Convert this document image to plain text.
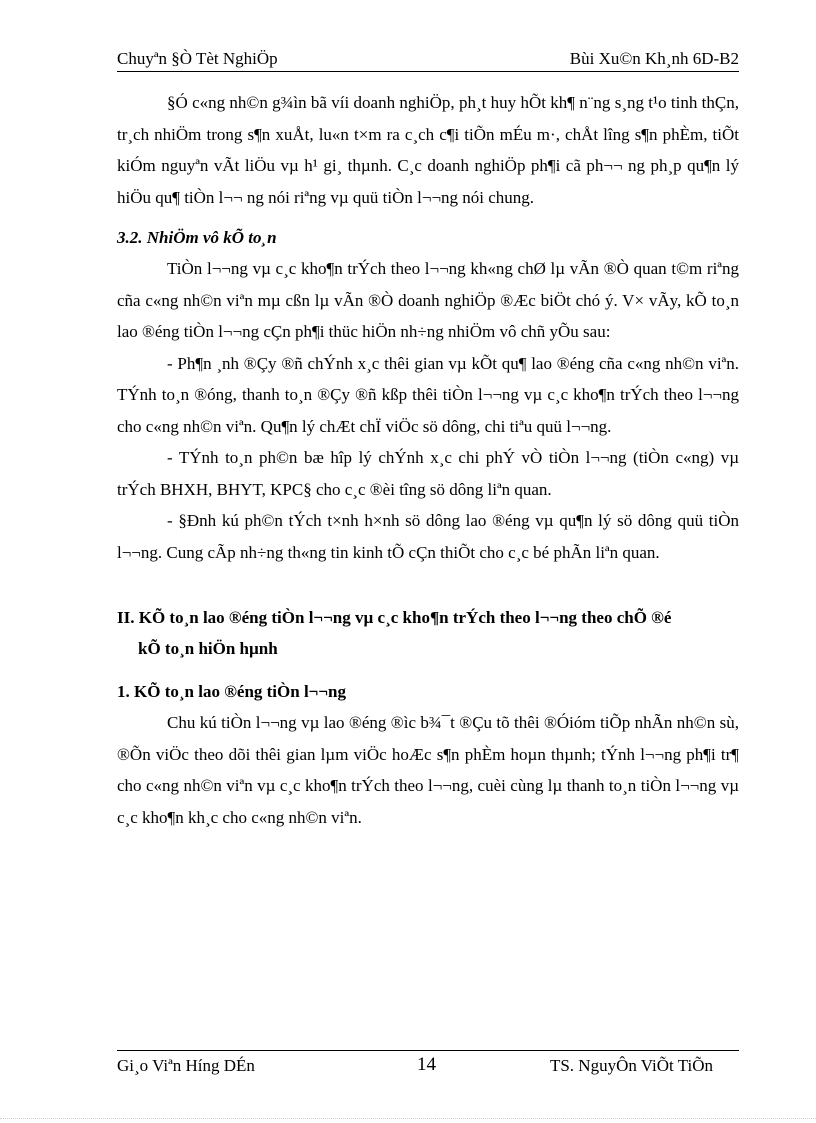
Chuyªn §Ò Tèt NghiÖp	Bùi Xu©n Kh¸nh 6D-B2

§Ó c«ng nh©n g¾ìn bã víi doanh nghiÖp, ph¸t huy hÕt kh¶ n¨ng s¸ng t¹o tinh thÇn, tr¸ch nhiÖm trong s¶n xuÅt, lu«n t×m ra c¸ch c¶i tiÕn mÉu m·, chÅt lîng s¶n phÈm, tiÕt kiÓm nguyªn vÃt liÖu vµ h¹ gi¸ thµnh. C¸c doanh nghiÖp ph¶i cã ph¬¬ ng ph¸p qu¶n lý hiÖu qu¶ tiÒn l¬¬ ng nói riªng vµ quü tiÒn l¬¬ng nói chung.

3.2. NhiÖm vô kÕ to¸n

TiÒn l¬¬ng vµ c¸c kho¶n trÝch theo l¬¬ng kh«ng chØ lµ vÃn ®Ò quan t©m riªng cña c«ng nh©n viªn mµ cßn lµ vÃn ®Ò doanh nghiÖp ®Æc biÖt chó ý. V× vÃy, kÕ to¸n lao ®éng tiÒn l¬¬ng cÇn ph¶i thüc hiÖn nh÷ng nhiÖm vô chñ yÕu sau:

- Ph¶n ¸nh ®Çy ®ñ chÝnh x¸c thêi gian vµ kÕt qu¶ lao ®éng cña c«ng nh©n viªn. TÝnh to¸n ®óng, thanh to¸n ®Çy ®ñ kßp thêi tiÒn l¬¬ng vµ c¸c kho¶n trÝch theo l¬¬ng cho c«ng nh©n viªn. Qu¶n lý chÆt chÏ viÖc sö dông, chi tiªu quü l¬¬ng.

- TÝnh to¸n ph©n bæ hîp lý chÝnh x¸c chi phÝ vÒ tiÒn l¬¬ng (tiÒn c«ng) vµ trÝch BHXH, BHYT, KPC§ cho c¸c ®èi tîng sö dông liªn quan.

- §Ðnh kú ph©n tÝch t×nh h×nh sö dông lao ®éng vµ qu¶n lý sö dông quü tiÒn l¬¬ng. Cung cÃp nh÷ng th«ng tin kinh tÕ cÇn thiÕt cho c¸c bé phÃn liªn quan.

II. KÕ to¸n lao ®éng tiÒn l¬¬ng vµ c¸c kho¶n trÝch theo l¬¬ng theo chÕ ®é
kÕ to¸n hiÖn hµnh

1. KÕ to¸n lao ®éng tiÒn l¬¬ng

Chu kú tiÒn l¬¬ng vµ lao ®éng ®ìc b¾¯t ®Çu tõ thêi ®Óióm tiÕp nhÃn nh©n sù, ®Õn viÖc theo dõi thêi gian lµm viÖc hoÆc s¶n phÈm hoµn thµnh; tÝnh l¬¬ng ph¶i tr¶ cho c«ng nh©n viªn vµ c¸c kho¶n trÝch theo l¬¬ng, cuèi cùng lµ thanh to¸n tiÒn l¬¬ng vµ c¸c kho¶n kh¸c cho c«ng nh©n viªn.

Gi¸o Viªn Híng DÉn	14	TS. NguyÔn ViÕt TiÕn
